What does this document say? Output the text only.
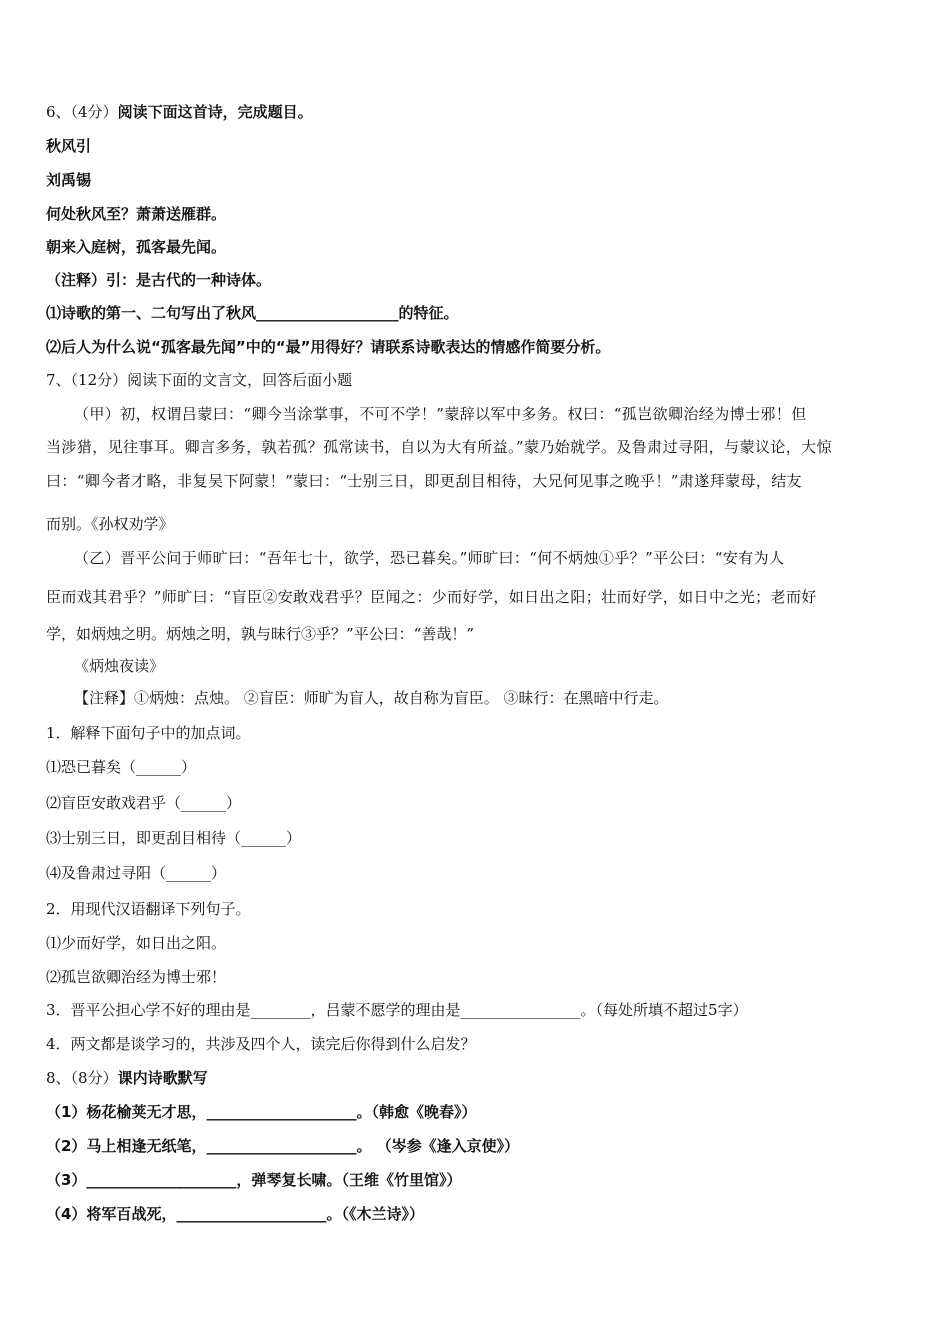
6、（4分）阅读下面这首诗，完成题目。
秋风引
刘禹锡
何处秋风至？萧萧送雁群。
朝来入庭树，孤客最先闻。
（注释）引：是古代的一种诗体。
⑴诗歌的第一、二句写出了秋风___________________的特征。
⑵后人为什么说“孤客最先闻”中的“最”用得好？请联系诗歌表达的情感作简要分析。
7、（12分）阅读下面的文言文，回答后面小题
（甲）初，权谓吕蒙曰：“卿今当涂掌事，不可不学！”蒙辞以军中多务。权曰：“孤岂欲卿治经为博士邪！但
当涉猎，见往事耳。卿言多务，孰若孤？孤常读书，自以为大有所益。”蒙乃始就学。及鲁肃过寻阳，与蒙议论，大惊
曰：“卿今者才略，非复吴下阿蒙！”蒙曰：“士别三日，即更刮目相待，大兄何见事之晚乎！”肃遂拜蒙母，结友
而别。《孙权劝学》
（乙）晋平公问于师旷曰：“吾年七十，欲学，恐已暮矣。”师旷曰：“何不炳烛①乎？”平公曰：“安有为人
臣而戏其君乎？”师旷曰：“盲臣②安敢戏君乎？臣闻之：少而好学，如日出之阳；壮而好学，如日中之光；老而好
学，如炳烛之明。炳烛之明，孰与昧行③乎？”平公曰：“善哉！”
《炳烛夜读》
【注释】①炳烛：点烛。 ②盲臣：师旷为盲人，故自称为盲臣。 ③昧行：在黑暗中行走。
1．解释下面句子中的加点词。
⑴恐已暮矣（______）
⑵盲臣安敢戏君乎（______）
⑶士别三日，即更刮目相待（______）
⑷及鲁肃过寻阳（______）
2．用现代汉语翻译下列句子。
⑴少而好学，如日出之阳。
⑵孤岂欲卿治经为博士邪！
3．晋平公担心学不好的理由是________，吕蒙不愿学的理由是________________。（每处所填不超过5字）
4．两文都是谈学习的，共涉及四个人，读完后你得到什么启发？
8、（8分）课内诗歌默写
（1）杨花榆荚无才思，____________________。（韩愈《晚春》）
（2）马上相逢无纸笔，____________________。 （岑参《逢入京使》）
（3）____________________，弹琴复长啸。（王维《竹里馆》）
（4）将军百战死，____________________。（《木兰诗》）
